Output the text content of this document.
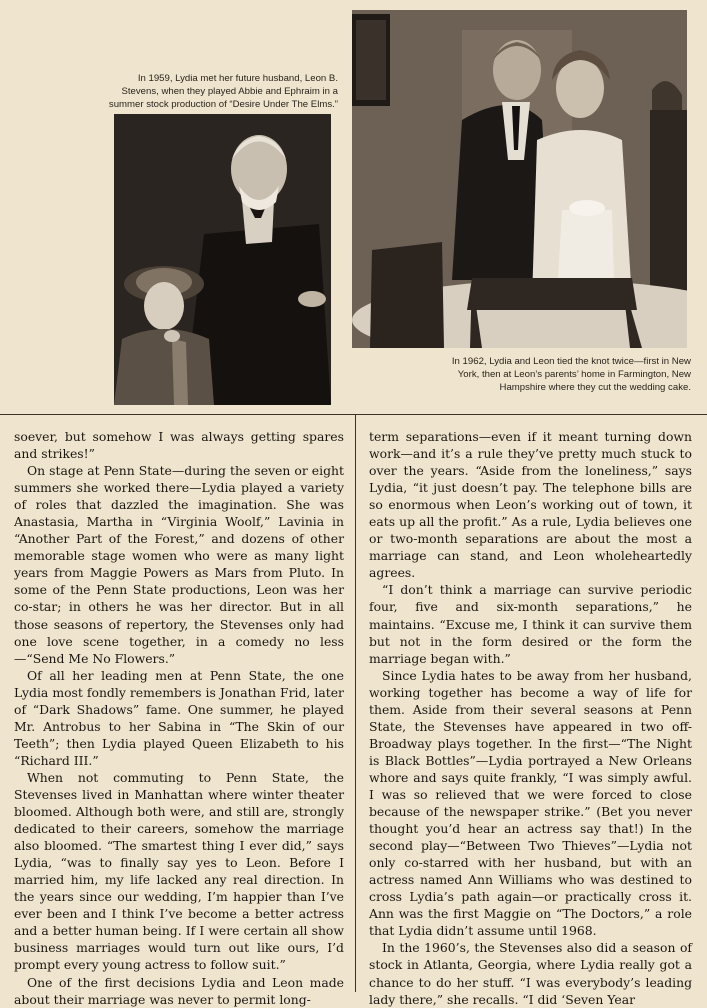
In 1959, Lydia met her future husband, Leon B. Stevens, when they played Abbie and Ephraim in a summer stock production of “Desire Under The Elms.”

In 1962, Lydia and Leon tied the knot twice—first in New York, then at Leon’s parents’ home in Farmington, New Hampshire where they cut the wedding cake.

soever, but somehow I was always getting spares and strikes!”

On stage at Penn State—during the seven or eight summers she worked there—Lydia played a variety of roles that dazzled the imagination. She was Anastasia, Martha in “Virginia Woolf,” Lavinia in “Another Part of the Forest,” and dozens of other memorable stage women who were as many light years from Maggie Powers as Mars from Pluto. In some of the Penn State productions, Leon was her co-star; in others he was her director. But in all those seasons of repertory, the Stevenses only had one love scene together, in a comedy no less—“Send Me No Flowers.”

Of all her leading men at Penn State, the one Lydia most fondly remembers is Jonathan Frid, later of “Dark Shadows” fame. One summer, he played Mr. Antrobus to her Sabina in “The Skin of our Teeth”; then Lydia played Queen Elizabeth to his “Richard III.”

When not commuting to Penn State, the Stevenses lived in Manhattan where winter theater bloomed. Although both were, and still are, strongly dedicated to their careers, somehow the marriage also bloomed. “The smartest thing I ever did,” says Lydia, “was to finally say yes to Leon. Before I married him, my life lacked any real direction. In the years since our wedding, I’m happier than I’ve ever been and I think I’ve become a better actress and a better human being. If I were certain all show business marriages would turn out like ours, I’d prompt every young actress to follow suit.”

One of the first decisions Lydia and Leon made about their marriage was never to permit long-

term separations—even if it meant turning down work—and it’s a rule they’ve pretty much stuck to over the years. “Aside from the loneliness,” says Lydia, “it just doesn’t pay. The telephone bills are so enormous when Leon’s working out of town, it eats up all the profit.” As a rule, Lydia believes one or two-month separations are about the most a marriage can stand, and Leon wholeheartedly agrees.

“I don’t think a marriage can survive periodic four, five and six-month separations,” he maintains. “Excuse me, I think it can survive them but not in the form desired or the form the marriage began with.”

Since Lydia hates to be away from her husband, working together has become a way of life for them. Aside from their several seasons at Penn State, the Stevenses have appeared in two off-Broadway plays together. In the first—“The Night is Black Bottles”—Lydia portrayed a New Orleans whore and says quite frankly, “I was simply awful. I was so relieved that we were forced to close because of the newspaper strike.” (Bet you never thought you’d hear an actress say that!) In the second play—“Between Two Thieves”—Lydia not only co-starred with her husband, but with an actress named Ann Williams who was destined to cross Lydia’s path again—or practically cross it. Ann was the first Maggie on “The Doctors,” a role that Lydia didn’t assume until 1968.

In the 1960’s, the Stevenses also did a season of stock in Atlanta, Georgia, where Lydia really got a chance to do her stuff. “I was everybody’s leading lady there,” she recalls. “I did ‘Seven Year
